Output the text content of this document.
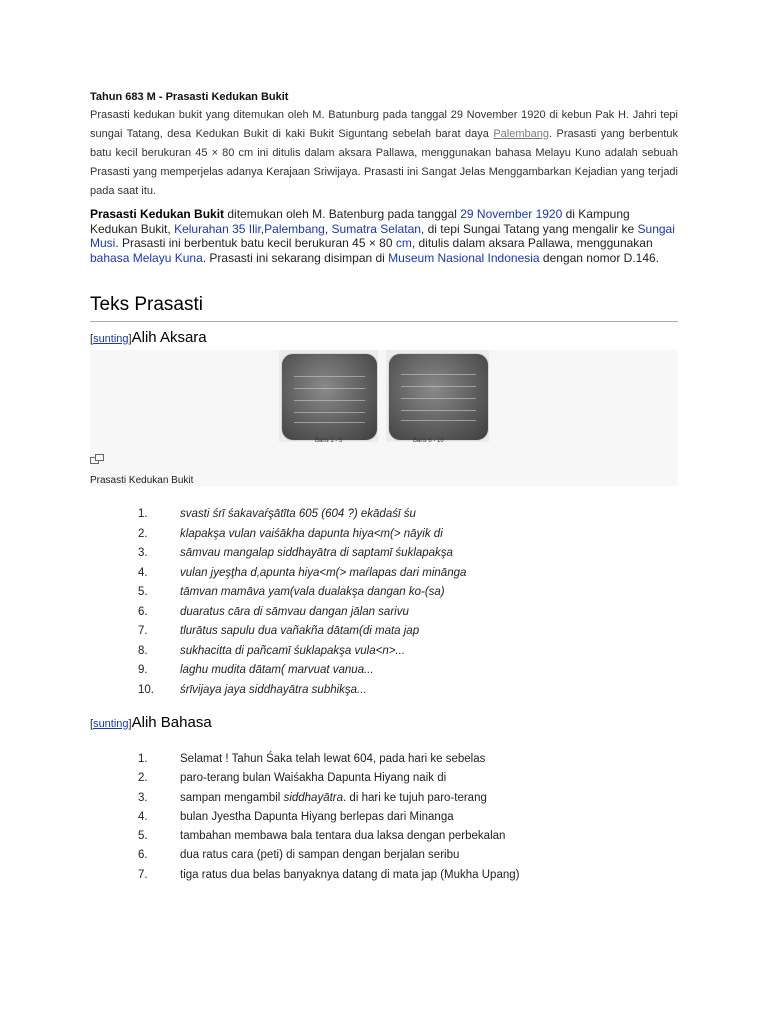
Tahun 683 M - Prasasti Kedukan Bukit
Prasasti kedukan bukit yang ditemukan oleh M. Batunburg pada tanggal 29 November 1920 di kebun Pak H. Jahri tepi sungai Tatang, desa Kedukan Bukit di kaki Bukit Siguntang sebelah barat daya Palembang. Prasasti yang berbentuk batu kecil berukuran 45 × 80 cm ini ditulis dalam aksara Pallawa, menggunakan bahasa Melayu Kuno adalah sebuah Prasasti yang memperjelas adanya Kerajaan Sriwijaya. Prasasti ini Sangat Jelas Menggambarkan Kejadian yang terjadi pada saat itu.
Prasasti Kedukan Bukit ditemukan oleh M. Batenburg pada tanggal 29 November 1920 di Kampung Kedukan Bukit, Kelurahan 35 Ilir,Palembang, Sumatra Selatan, di tepi Sungai Tatang yang mengalir ke Sungai Musi. Prasasti ini berbentuk batu kecil berukuran 45 × 80 cm, ditulis dalam aksara Pallawa, menggunakan bahasa Melayu Kuna. Prasasti ini sekarang disimpan di Museum Nasional Indonesia dengan nomor D.146.
Teks Prasasti
[sunting]Alih Aksara
Baris 1 - 5	Baris 6 - 10
Prasasti Kedukan Bukit
1.	svasti śrī śakavaŕşātīta 605 (604 ?) ekādaśī śu
2.	klapakşa vulan vaiśākha dapunta hiya<m(> nāyik di
3.	sāmvau mangalap siddhayātra di saptamī śuklapakşa
4.	vulan jyeşţha d,apunta hiya<m(> maŕlapas dari minānga
5.	tāmvan mamāva yam(vala dualakşa dangan ko-(sa)
6.	duaratus cāra di sāmvau dangan jālan sarivu
7.	tlurātus sapulu dua vañakña dātam(di mata jap
8.	sukhacitta di pañcamī śuklapakşa vula<n>...
9.	laghu mudita dātam( marvuat vanua...
10.	śrīvijaya jaya siddhayātra subhikşa...
[sunting]Alih Bahasa
1.	Selamat ! Tahun Śaka telah lewat 604, pada hari ke sebelas
2.	paro-terang bulan Waiśakha Dapunta Hiyang naik di
3.	sampan mengambil siddhayātra. di hari ke tujuh paro-terang
4.	bulan Jyestha Dapunta Hiyang berlepas dari Minanga
5.	tambahan membawa bala tentara dua laksa dengan perbekalan
6.	dua ratus cara (peti) di sampan dengan berjalan seribu
7.	tiga ratus dua belas banyaknya datang di mata jap (Mukha Upang)
